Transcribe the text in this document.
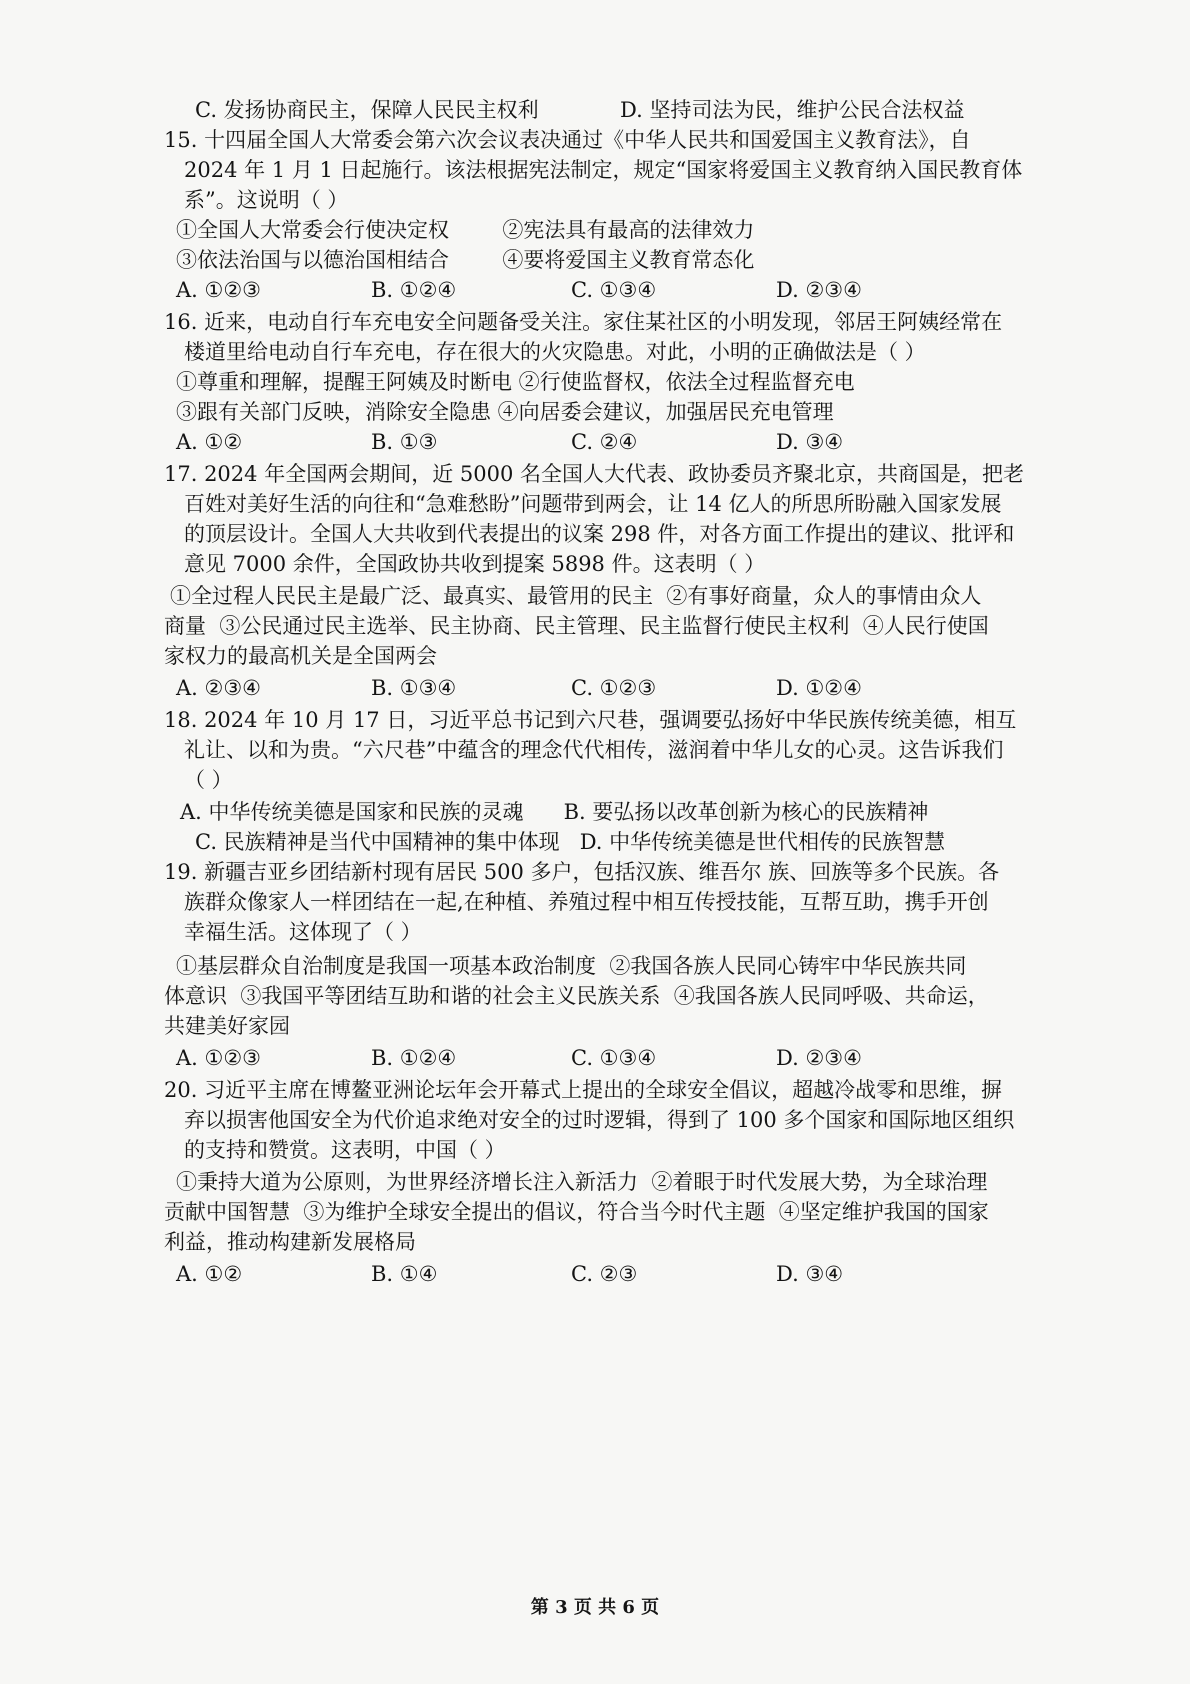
C. 发扬协商民主，保障人民民主权利	D. 坚持司法为民，维护公民合法权益
15. 十四届全国人大常委会第六次会议表决通过《中华人民共和国爱国主义教育法》，自
2024 年 1 月 1 日起施行。该法根据宪法制定，规定“国家将爱国主义教育纳入国民教育体
系”。这说明（ ）
①全国人大常委会行使决定权        ②宪法具有最高的法律效力
③依法治国与以德治国相结合        ④要将爱国主义教育常态化
A. ①②③	B. ①②④	C. ①③④	D. ②③④
16. 近来，电动自行车充电安全问题备受关注。家住某社区的小明发现，邻居王阿姨经常在
楼道里给电动自行车充电，存在很大的火灾隐患。对此，小明的正确做法是（ ）
①尊重和理解，提醒王阿姨及时断电 ②行使监督权，依法全过程监督充电
③跟有关部门反映，消除安全隐患 ④向居委会建议，加强居民充电管理
A. ①②	B. ①③	C. ②④	D. ③④
17. 2024 年全国两会期间，近 5000 名全国人大代表、政协委员齐聚北京，共商国是，把老
百姓对美好生活的向往和“急难愁盼”问题带到两会，让 14 亿人的所思所盼融入国家发展
的顶层设计。全国人大共收到代表提出的议案 298 件，对各方面工作提出的建议、批评和
意见 7000 余件，全国政协共收到提案 5898 件。这表明（ ）
①全过程人民民主是最广泛、最真实、最管用的民主  ②有事好商量，众人的事情由众人
商量  ③公民通过民主选举、民主协商、民主管理、民主监督行使民主权利  ④人民行使国
家权力的最高机关是全国两会
A. ②③④	B. ①③④	C. ①②③	D. ①②④
18. 2024 年 10 月 17 日，习近平总书记到六尺巷，强调要弘扬好中华民族传统美德，相互
礼让、以和为贵。“六尺巷”中蕴含的理念代代相传，滋润着中华儿女的心灵。这告诉我们
（ ）
A. 中华传统美德是国家和民族的灵魂      B. 要弘扬以改革创新为核心的民族精神
C. 民族精神是当代中国精神的集中体现   D. 中华传统美德是世代相传的民族智慧
19. 新疆吉亚乡团结新村现有居民 500 多户，包括汉族、维吾尔 族、回族等多个民族。各
族群众像家人一样团结在一起,在种植、养殖过程中相互传授技能，互帮互助，携手开创
幸福生活。这体现了（ ）
①基层群众自治制度是我国一项基本政治制度  ②我国各族人民同心铸牢中华民族共同
体意识  ③我国平等团结互助和谐的社会主义民族关系  ④我国各族人民同呼吸、共命运，
共建美好家园
A. ①②③	B. ①②④	C. ①③④	D. ②③④
20. 习近平主席在博鳌亚洲论坛年会开幕式上提出的全球安全倡议，超越冷战零和思维，摒
弃以损害他国安全为代价追求绝对安全的过时逻辑，得到了 100 多个国家和国际地区组织
的支持和赞赏。这表明，中国（ ）
①秉持大道为公原则，为世界经济增长注入新活力  ②着眼于时代发展大势，为全球治理
贡献中国智慧  ③为维护全球安全提出的倡议，符合当今时代主题  ④坚定维护我国的国家
利益，推动构建新发展格局
A. ①②	B. ①④	C. ②③	D. ③④
第 3 页 共 6 页
